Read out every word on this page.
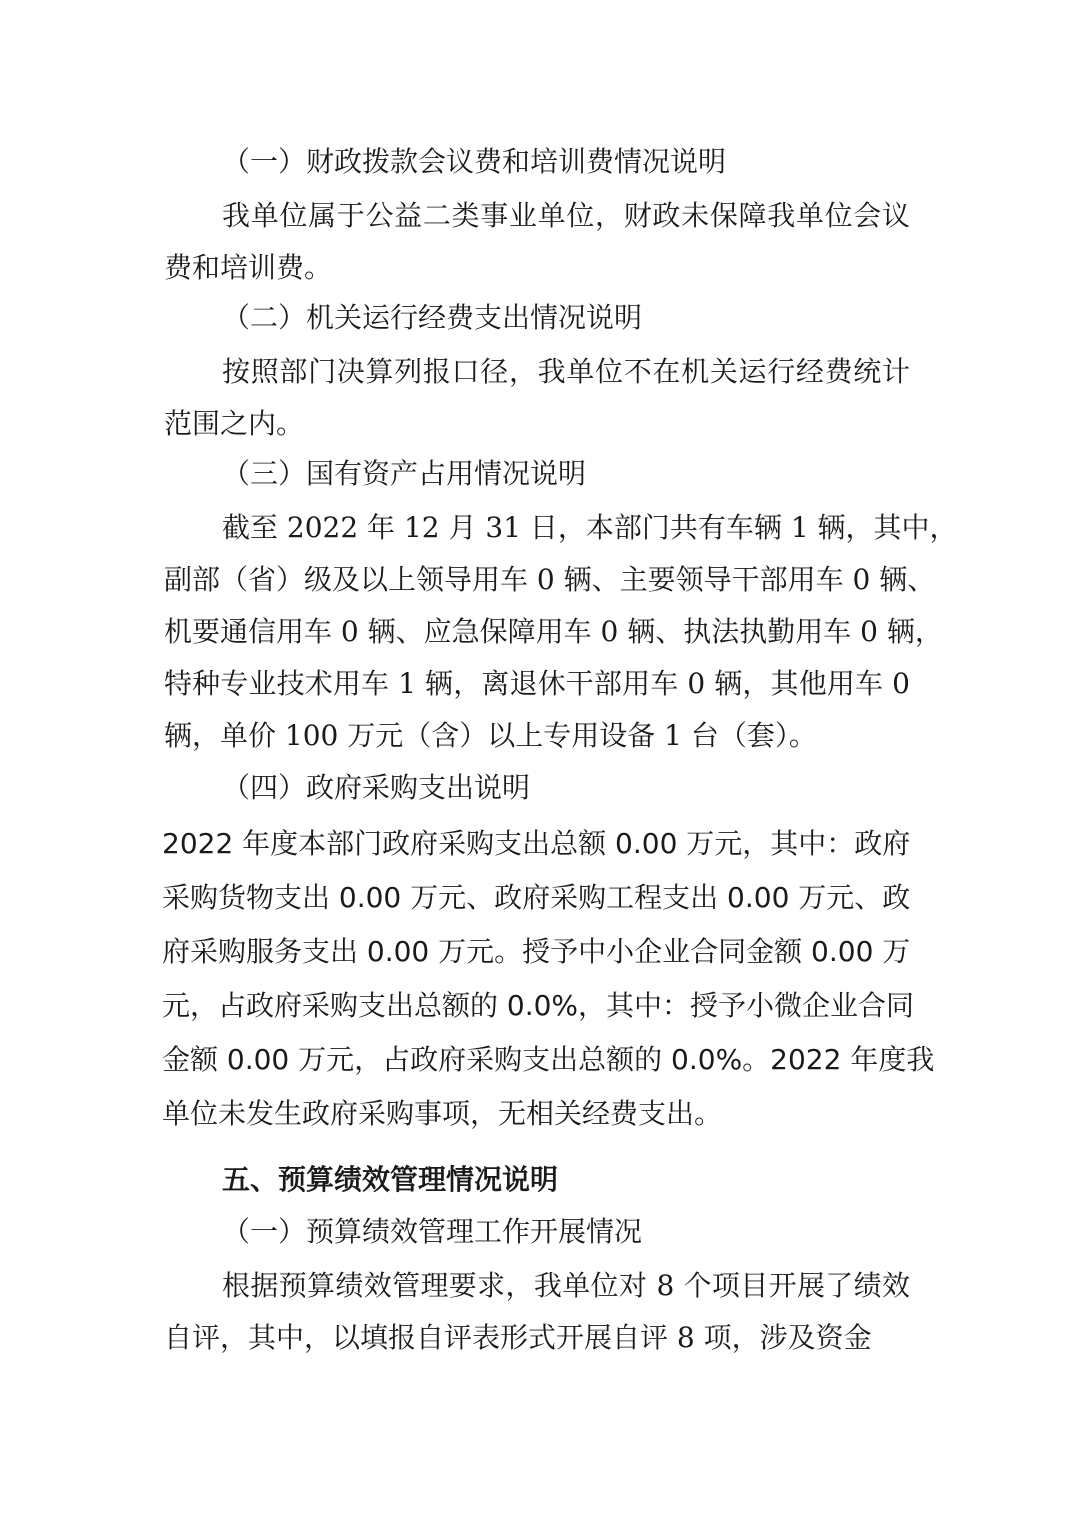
（一）财政拨款会议费和培训费情况说明
我单位属于公益二类事业单位，财政未保障我单位会议
费和培训费。
（二）机关运行经费支出情况说明
按照部门决算列报口径，我单位不在机关运行经费统计
范围之内。
（三）国有资产占用情况说明
截至 2022 年 12 月 31 日，本部门共有车辆 1 辆，其中，
副部（省）级及以上领导用车 0 辆、主要领导干部用车 0 辆、
机要通信用车 0 辆、应急保障用车 0 辆、执法执勤用车 0 辆，
特种专业技术用车 1 辆，离退休干部用车 0 辆，其他用车 0
辆，单价 100 万元（含）以上专用设备 1 台（套）。
（四）政府采购支出说明
2022 年度本部门政府采购支出总额 0.00 万元，其中：政府
采购货物支出 0.00 万元、政府采购工程支出 0.00 万元、政
府采购服务支出 0.00 万元。授予中小企业合同金额 0.00 万
元，占政府采购支出总额的 0.0%，其中：授予小微企业合同
金额 0.00 万元，占政府采购支出总额的 0.0%。2022 年度我
单位未发生政府采购事项，无相关经费支出。
五、预算绩效管理情况说明
（一）预算绩效管理工作开展情况
根据预算绩效管理要求，我单位对 8 个项目开展了绩效
自评，其中，以填报自评表形式开展自评 8 项，涉及资金
